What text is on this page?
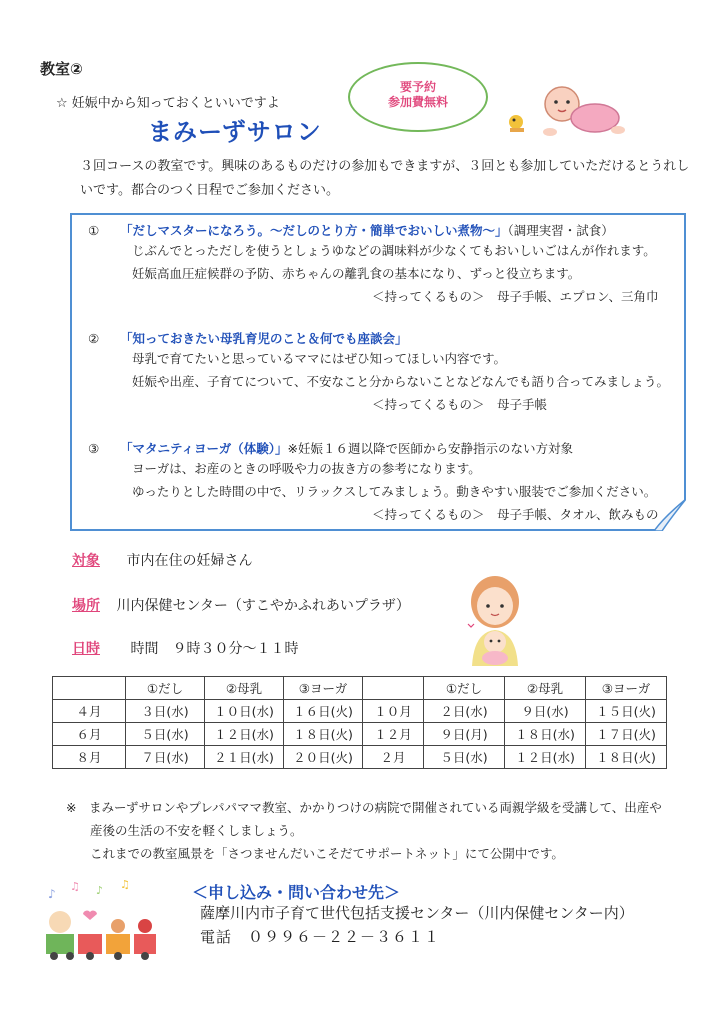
教室②
☆ 妊娠中から知っておくといいですよ
まみーずサロン
要予約
参加費無料
３回コースの教室です。興味のあるものだけの参加もできますが、３回とも参加していただけるとうれしいです。都合のつく日程でご参加ください。
① 「だしマスターになろう。～だしのとり方・簡単でおいしい煮物～」（調理実習・試食）
じぶんでとっただしを使うとしょうゆなどの調味料が少なくてもおいしいごはんが作れます。
妊娠高血圧症候群の予防、赤ちゃんの離乳食の基本になり、ずっと役立ちます。
＜持ってくるもの＞　母子手帳、エプロン、三角巾
② 「知っておきたい母乳育児のこと＆何でも座談会」
母乳で育てたいと思っているママにはぜひ知ってほしい内容です。
妊娠や出産、子育てについて、不安なこと分からないことなどなんでも語り合ってみましょう。
＜持ってくるもの＞　母子手帳
③ 「マタニティヨーガ（体験）」※妊娠１６週以降で医師から安静指示のない方対象
ヨーガは、お産のときの呼吸や力の抜き方の参考になります。
ゆったりとした時間の中で、リラックスしてみましょう。動きやすい服装でご参加ください。
＜持ってくるもの＞　母子手帳、タオル、飲みもの
対象 市内在住の妊婦さん
場所 川内保健センター（すこやかふれあいプラザ）
日時 時間　９時３０分～１１時
	①だし	②母乳	③ヨーガ		①だし	②母乳	③ヨーガ
４月	３日(水)	１０日(水)	１６日(火)	１０月	２日(水)	９日(水)	１５日(火)
６月	５日(水)	１２日(水)	１８日(火)	１２月	９日(月)	１８日(水)	１７日(火)
８月	７日(水)	２１日(水)	２０日(火)	２月	５日(水)	１２日(水)	１８日(火)
※　まみーずサロンやプレパパママ教室、かかりつけの病院で開催されている両親学級を受講して、出産や
産後の生活の不安を軽くしましょう。
これまでの教室風景を「さつませんだいこそだてサポートネット」にて公開中です。
♪
♫ ♪ ♫	＜申し込み・問い合わせ先＞
薩摩川内市子育て世代包括支援センター（川内保健センター内）
電話　０９９６－２２－３６１１
